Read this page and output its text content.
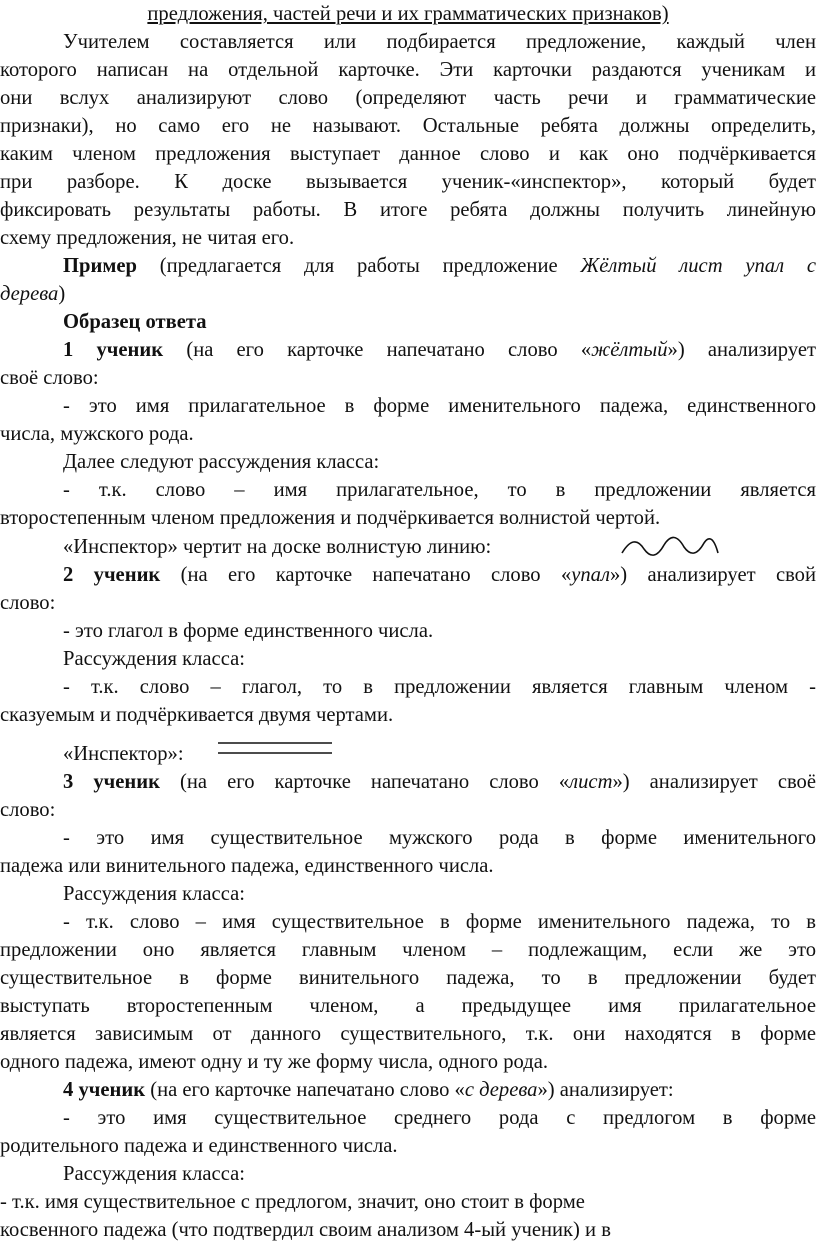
предложения, частей речи и их грамматических признаков)
Учителем составляется или подбирается предложение, каждый член
которого написан на отдельной карточке. Эти карточки раздаются ученикам и
они вслух анализируют слово (определяют часть речи и грамматические
признаки), но само его не называют. Остальные ребята должны определить,
каким членом предложения выступает данное слово и как оно подчёркивается
при разборе. К доске вызывается ученик-«инспектор», который будет
фиксировать результаты работы. В итоге ребята должны получить линейную
схему предложения, не читая его.
Пример (предлагается для работы предложение Жёлтый лист упал с
дерева)
Образец ответа
1 ученик (на его карточке напечатано слово «жёлтый») анализирует
своё слово:
- это имя прилагательное в форме именительного падежа, единственного
числа, мужского рода.
Далее следуют рассуждения класса:
- т.к. слово – имя прилагательное, то в предложении является
второстепенным членом предложения и подчёркивается волнистой чертой.
«Инспектор» чертит на доске волнистую линию:
2 ученик (на его карточке напечатано слово «упал») анализирует свой
слово:
- это глагол в форме единственного числа.
Рассуждения класса:
- т.к. слово – глагол, то в предложении является главным членом -
сказуемым и подчёркивается двумя чертами.
«Инспектор»:
3 ученик (на его карточке напечатано слово «лист») анализирует своё
слово:
- это имя существительное мужского рода в форме именительного
падежа или винительного падежа, единственного числа.
Рассуждения класса:
- т.к. слово – имя существительное в форме именительного падежа, то в
предложении оно является главным членом – подлежащим, если же это
существительное в форме винительного падежа, то в предложении будет
выступать второстепенным членом, а предыдущее имя прилагательное
является зависимым от данного существительного, т.к. они находятся в форме
одного падежа, имеют одну и ту же форму числа, одного рода.
4 ученик (на его карточке напечатано слово «с дерева») анализирует:
- это имя существительное среднего рода с предлогом в форме
родительного падежа и единственного числа.
Рассуждения класса:
- т.к. имя существительное с предлогом, значит, оно стоит в форме
косвенного падежа (что подтвердил своим анализом 4-ый ученик) и в
